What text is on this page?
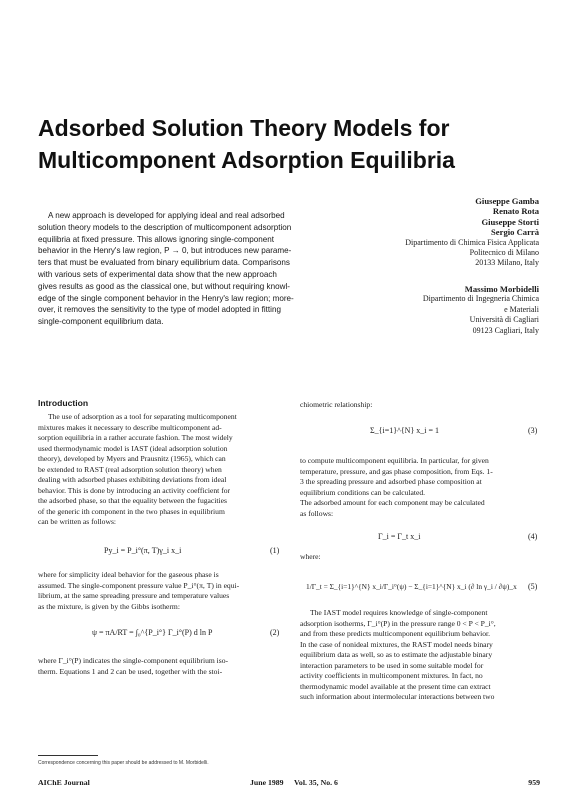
Adsorbed Solution Theory Models for
Multicomponent Adsorption Equilibria
A new approach is developed for applying ideal and real adsorbed
solution theory models to the description of multicomponent adsorption
equilibria at fixed pressure. This allows ignoring single-component
behavior in the Henry's law region, P → 0, but introduces new parame-
ters that must be evaluated from binary equilibrium data. Comparisons
with various sets of experimental data show that the new approach
gives results as good as the classical one, but without requiring knowl-
edge of the single component behavior in the Henry's law region; more-
over, it removes the sensitivity to the type of model adopted in fitting
single-component equilibrium data.
Giuseppe Gamba
Renato Rota
Giuseppe Storti
Sergio Carrà
Dipartimento di Chimica Fisica Applicata
Politecnico di Milano
20133 Milano, Italy
Massimo Morbidelli
Dipartimento di Ingegneria Chimica
e Materiali
Università di Cagliari
09123 Cagliari, Italy
Introduction
The use of adsorption as a tool for separating multicomponent
mixtures makes it necessary to describe multicomponent ad-
sorption equilibria in a rather accurate fashion. The most widely
used thermodynamic model is IAST (ideal adsorption solution
theory), developed by Myers and Prausnitz (1965), which can
be extended to RAST (real adsorption solution theory) when
dealing with adsorbed phases exhibiting deviations from ideal
behavior. This is done by introducing an activity coefficient for
the adsorbed phase, so that the equality between the fugacities
of the generic ith component in the two phases in equilibrium
can be written as follows:
Py_i = P_i°(π, T)γ_i x_i	(1)
where for simplicity ideal behavior for the gaseous phase is
assumed. The single-component pressure value P_i°(π, T) in equi-
librium, at the same spreading pressure and temperature values
as the mixture, is given by the Gibbs isotherm:
ψ = πA/RT = ∫₀^{P_i°} Γ_i°(P) d ln P	(2)
where Γ_i°(P) indicates the single-component equilibrium iso-
therm. Equations 1 and 2 can be used, together with the stoi-
Correspondence concerning this paper should be addressed to M. Morbidelli.
chiometric relationship:
Σ_{i=1}^{N} x_i = 1	(3)
to compute multicomponent equilibria. In particular, for given
temperature, pressure, and gas phase composition, from Eqs. 1-
3 the spreading pressure and adsorbed phase composition at
equilibrium conditions can be calculated.
The adsorbed amount for each component may be calculated
as follows:
Γ_i = Γ_t x_i	(4)
where:
1/Γ_t = Σ_{i=1}^{N} x_i/Γ_i°(ψ) − Σ_{i=1}^{N} x_i (∂ ln γ_i / ∂ψ)_x (5)
The IAST model requires knowledge of single-component
adsorption isotherms, Γ_i°(P) in the pressure range 0 < P < P_i°,
and from these predicts multicomponent equilibrium behavior.
In the case of nonideal mixtures, the RAST model needs binary
equilibrium data as well, so as to estimate the adjustable binary
interaction parameters to be used in some suitable model for
activity coefficients in multicomponent mixtures. In fact, no
thermodynamic model available at the present time can extract
such information about intermolecular interactions between two
AIChE Journal	June 1989 Vol. 35, No. 6	959
